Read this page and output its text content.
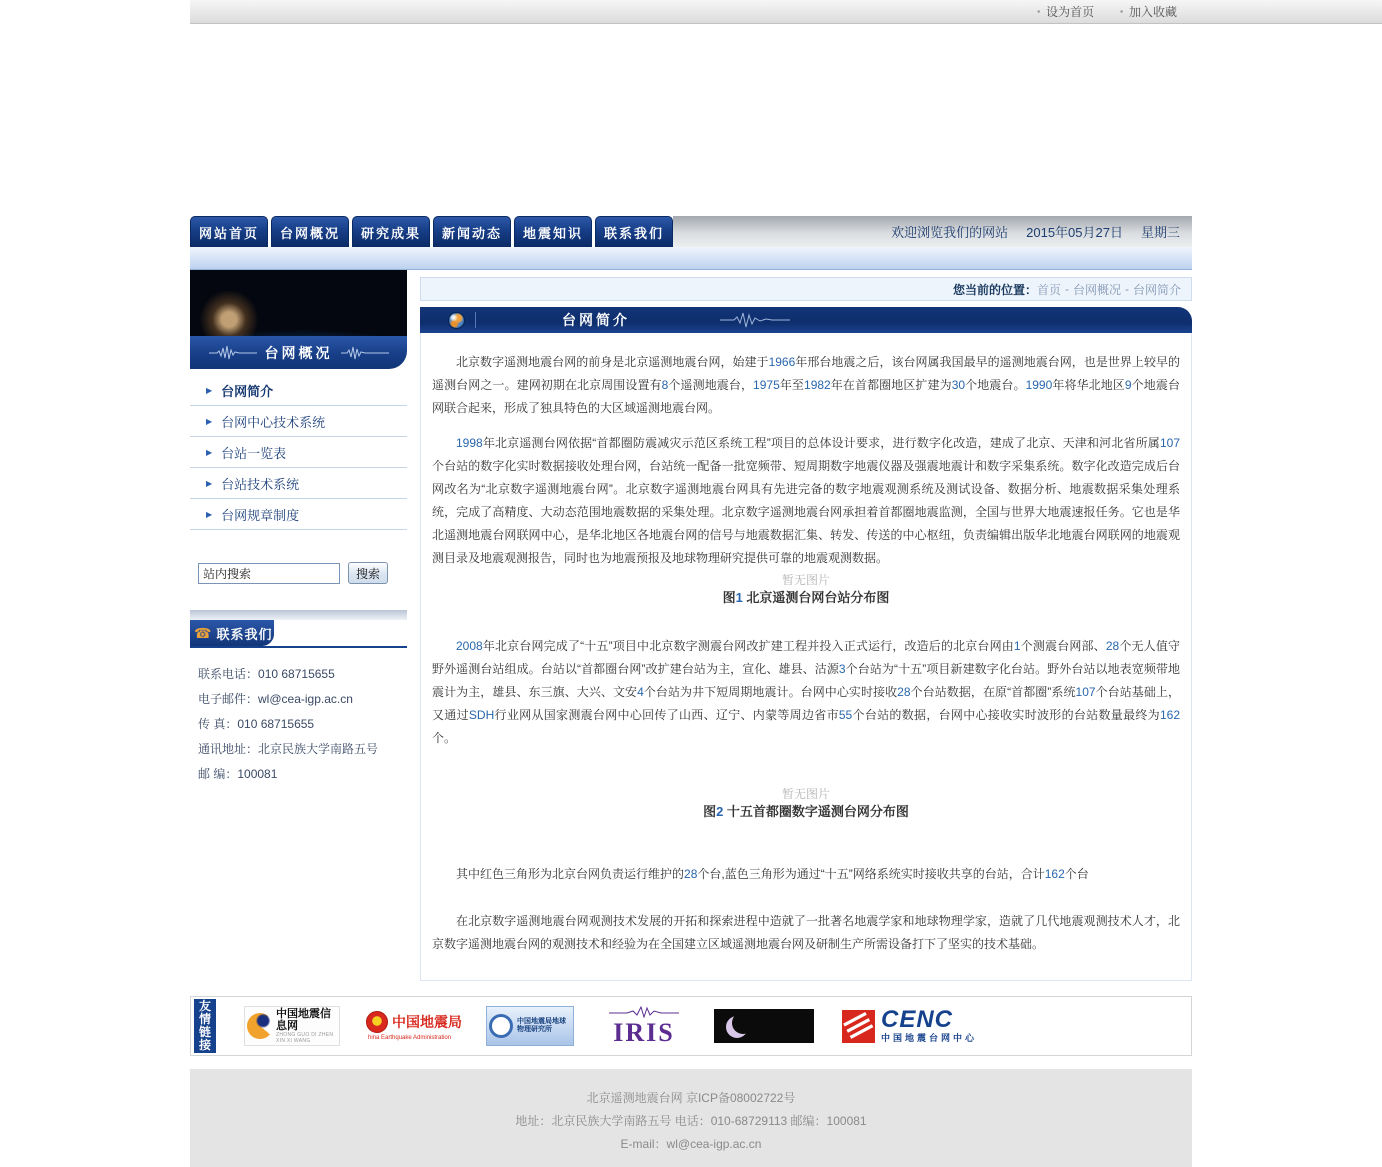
▪ 设为首页	▪ 加入收藏
网站首页	台网概况	研究成果	新闻动态	地震知识	联系我们	欢迎浏览我们的网站 2015年05月27日 星期三
台网概况
▶ 台网简介
▶ 台网中心技术系统
▶ 台站一览表
▶ 台站技术系统
▶ 台网规章制度
站内搜索
搜索
☎ 联系我们
联系电话：010 68715655
电子邮件：wl@cea-igp.ac.cn
传 真：010 68715655
通讯地址：北京民族大学南路五号
邮 编：100081
您当前的位置： 首页 - 台网概况 - 台网简介
台网简介

北京数字遥测地震台网的前身是北京遥测地震台网，始建于1966年邢台地震之后，该台网属我国最早的遥测地震台网，也是世界上较早的遥测台网之一。建网初期在北京周围设置有8个遥测地震台，1975年至1982年在首都圈地区扩建为30个地震台。1990年将华北地区9个地震台网联合起来，形成了独具特色的大区域遥测地震台网。

1998年北京遥测台网依据“首都圈防震减灾示范区系统工程”项目的总体设计要求，进行数字化改造，建成了北京、天津和河北省所属107个台站的数字化实时数据接收处理台网，台站统一配备一批宽频带、短周期数字地震仪器及强震地震计和数字采集系统。数字化改造完成后台网改名为“北京数字遥测地震台网”。北京数字遥测地震台网具有先进完备的数字地震观测系统及测试设备、数据分析、地震数据采集处理系统，完成了高精度、大动态范围地震数据的采集处理。北京数字遥测地震台网承担着首都圈地震监测，全国与世界大地震速报任务。它也是华北遥测地震台网联网中心，是华北地区各地震台网的信号与地震数据汇集、转发、传送的中心枢纽，负责编辑出版华北地震台网联网的地震观测目录及地震观测报告，同时也为地震预报及地球物理研究提供可靠的地震观测数据。

暂无图片
图1 北京遥测台网台站分布图

2008年北京台网完成了“十五”项目中北京数字测震台网改扩建工程并投入正式运行，改造后的北京台网由1个测震台网部、28个无人值守野外遥测台站组成。台站以“首都圈台网”改扩建台站为主，宣化、雄县、沽源3个台站为“十五”项目新建数字化台站。野外台站以地表宽频带地震计为主，雄县、东三旗、大兴、文安4个台站为井下短周期地震计。台网中心实时接收28个台站数据，在原“首都圈”系统107个台站基础上，又通过SDH行业网从国家测震台网中心回传了山西、辽宁、内蒙等周边省市55个台站的数据，台网中心接收实时波形的台站数量最终为162个。

暂无图片
图2 十五首都圈数字遥测台网分布图

其中红色三角形为北京台网负责运行维护的28个台,蓝色三角形为通过“十五”网络系统实时接收共享的台站，合计162个台

在北京数字遥测地震台网观测技术发展的开拓和探索进程中造就了一批著名地震学家和地球物理学家，造就了几代地震观测技术人才，北京数字遥测地震台网的观测技术和经验为在全国建立区域遥测地震台网及研制生产所需设备打下了坚实的技术基础。

友情链接
中国地震信息网
ZHONG GUO DI ZHEN XIN XI WANG
中国地震局
hina Earthquake Administration
中国地震局地球物理研究所	IRIS	CENC
中国地震台网中心
北京遥测地震台网 京ICP备08002722号
地址：北京民族大学南路五号 电话：010-68729113 邮编：100081
E-mail：wl@cea-igp.ac.cn
